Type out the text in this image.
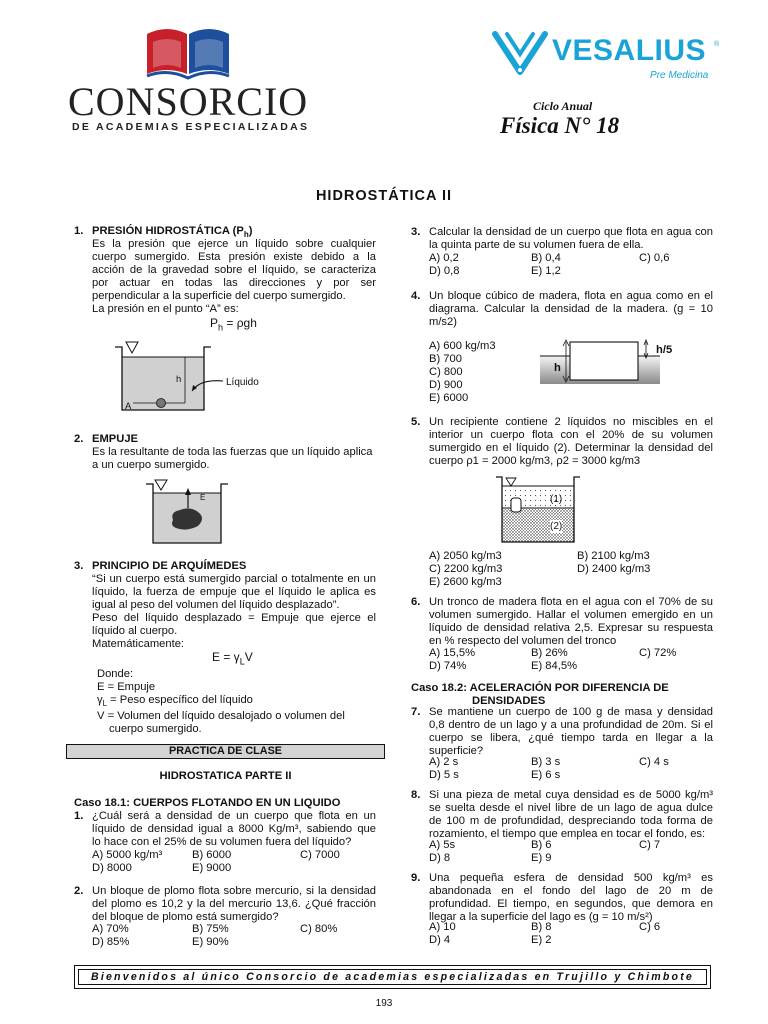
CONSORCIO
DE ACADEMIAS ESPECIALIZADAS
VESALIUS ®
Pre Medicina
Ciclo Anual
Física N° 18
HIDROSTÁTICA II
1. PRESIÓN HIDROSTÁTICA $(P_h)$

Es la presión que ejerce un líquido sobre cualquier

cuerpo sumergido. Esta presión existe debido a la

acción de la gravedad sobre el líquido, se caracteriza

por actuar en todas las direcciones y por ser

perpendicular a la superficie del cuerpo sumergido.

La presión en el punto “A” es:

$P_h = \rho gh$
h
A
Líquido
2. EMPUJE

Es la resultante de toda las fuerzas que un líquido aplica

a un cuerpo sumergido.

E
3. PRINCIPIO DE ARQUÍMEDES

“Si un cuerpo está sumergido parcial o totalmente en un

líquido, la fuerza de empuje que el líquido le aplica es

igual al peso del volumen del líquido desplazado”.

Peso del líquido desplazado = Empuje que ejerce el

líquido al cuerpo.

Matemáticamente:

$E = \gamma_LV$

Donde:

E = Empuje

$\gamma_L$ = Peso específico del líquido

V = Volumen del líquido desalojado o volumen del

cuerpo sumergido.

PRACTICA DE CLASE
HIDROSTATICA PARTE II
Caso 18.1: CUERPOS FLOTANDO EN UN LIQUIDO
1. ¿Cuál será a densidad de un cuerpo que flota en un

líquido de densidad igual a 8000 Kg/m³, sabiendo que

lo hace con el 25% de su volumen fuera del líquido?

A) 5000 kg/m³	B) 6000	C) 7000
D) 8000	E) 9000
2. Un bloque de plomo flota sobre mercurio, si la densidad

del plomo es 10,2 y la del mercurio 13,6. ¿Qué fracción

del bloque de plomo está sumergido?

A) 70%	B) 75%	C) 80%
D) 85%	E) 90%
3. Calcular la densidad de un cuerpo que flota en agua con

la quinta parte de su volumen fuera de ella.

A) 0,2	B) 0,4	C) 0,6
D) 0,8	E) 1,2
4. Un bloque cúbico de madera, flota en agua como en el

diagrama. Calcular la densidad de la madera. (g = 10

m/s2)

A) 600 kg/m3

B) 700

C) 800

D) 900

E) 6000

h
h/5
5. Un recipiente contiene 2 líquidos no miscibles en el

interior un cuerpo flota con el 20% de su volumen

sumergido en el líquido (2). Determinar la densidad del

cuerpo ρ1 = 2000 kg/m3, ρ2 = 3000 kg/m3

(1)
(2)
A) 2050 kg/m3	B) 2100 kg/m3
C) 2200 kg/m3	D) 2400 kg/m3
E) 2600 kg/m3
6. Un tronco de madera flota en el agua con el 70% de su

volumen sumergido. Hallar el volumen emergido en un

líquido de densidad relativa 2,5. Expresar su respuesta

en % respecto del volumen del tronco

A) 15,5%	B) 26%	C) 72%
D) 74%	E) 84,5%
Caso 18.2: ACELERACIÓN POR DIFERENCIA DE
DENSIDADES
7. Se mantiene un cuerpo de 100 g de masa y densidad

0,8 dentro de un lago y a una profundidad de 20m. Si el

cuerpo se libera, ¿qué tiempo tarda en llegar a la

superficie?

A) 2 s	B) 3 s	C) 4 s
D) 5 s	E) 6 s
8. Si una pieza de metal cuya densidad es de 5000 kg/m³

se suelta desde el nivel libre de un lago de agua dulce

de 100 m de profundidad, despreciando toda forma de

rozamiento, el tiempo que emplea en tocar el fondo, es:

A) 5s	B) 6	C) 7
D) 8	E) 9
9. Una pequeña esfera de densidad 500 kg/m³ es

abandonada en el fondo del lago de 20 m de

profundidad. El tiempo, en segundos, que demora en

llegar a la superficie del lago es (g = 10 m/s²)

A) 10	B) 8	C) 6
D) 4	E) 2
Bienvenidos al único Consorcio de academias especializadas en Trujillo y Chimbote
193
